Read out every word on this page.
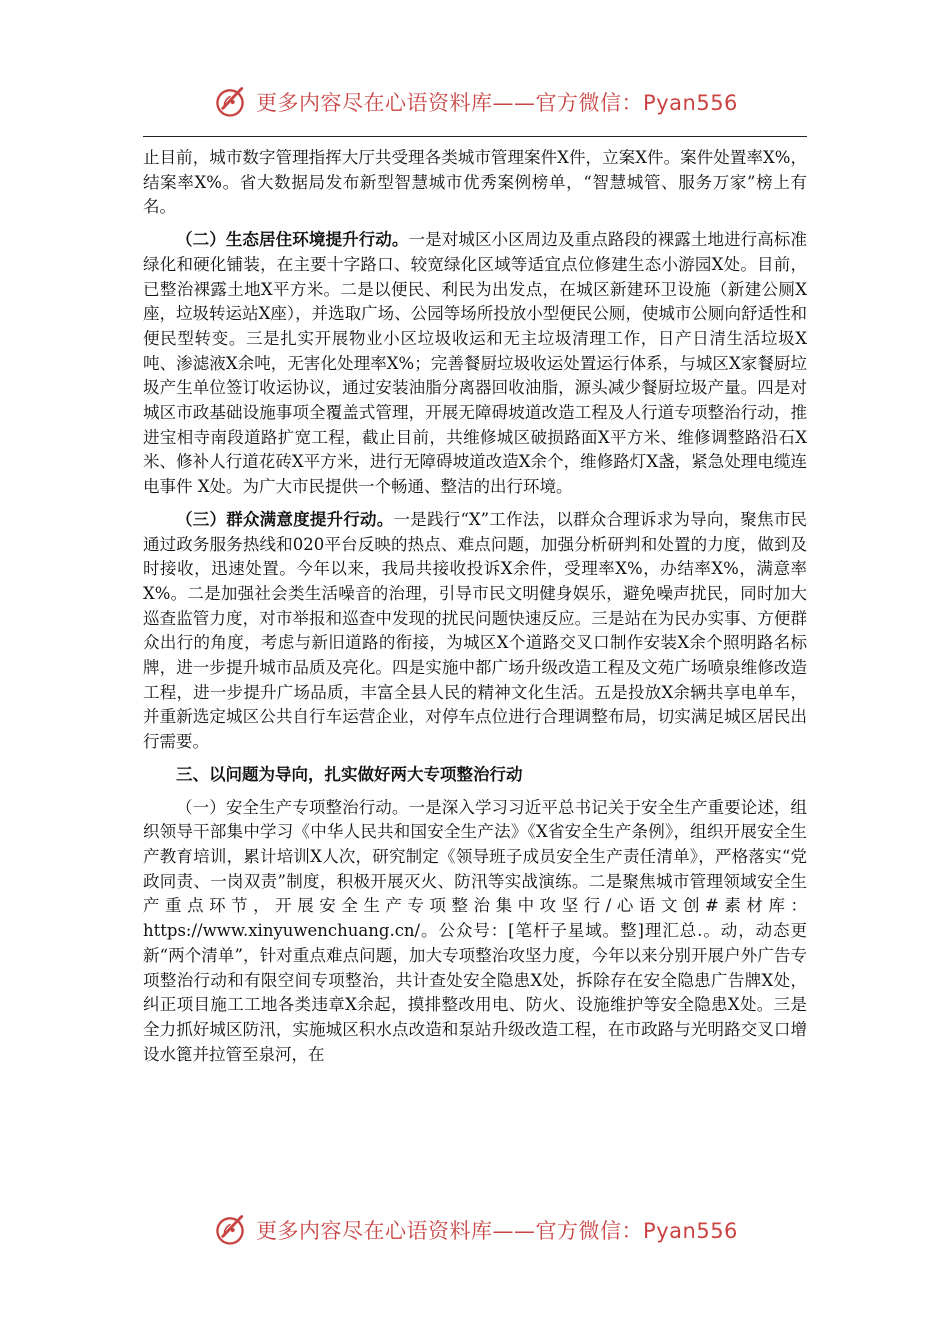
更多内容尽在心语资料库——官方微信：Pyan556

止目前，城市数字管理指挥大厅共受理各类城市管理案件X件，立案X件。案件处置率X%，结案率X%。省大数据局发布新型智慧城市优秀案例榜单，“智慧城管、服务万家”榜上有名。

（二）生态居住环境提升行动。一是对城区小区周边及重点路段的裸露土地进行高标准绿化和硬化铺装，在主要十字路口、较宽绿化区域等适宜点位修建生态小游园X处。目前，已整治裸露土地X平方米。二是以便民、利民为出发点，在城区新建环卫设施（新建公厕X座，垃圾转运站X座），并选取广场、公园等场所投放小型便民公厕，使城市公厕向舒适性和便民型转变。三是扎实开展物业小区垃圾收运和无主垃圾清理工作，日产日清生活垃圾X吨、渗滤液X余吨，无害化处理率X%；完善餐厨垃圾收运处置运行体系，与城区X家餐厨垃圾产生单位签订收运协议，通过安装油脂分离器回收油脂，源头减少餐厨垃圾产量。四是对城区市政基础设施事项全覆盖式管理，开展无障碍坡道改造工程及人行道专项整治行动，推进宝相寺南段道路扩宽工程，截止目前，共维修城区破损路面X平方米、维修调整路沿石X米、修补人行道花砖X平方米，进行无障碍坡道改造X余个，维修路灯X盏，紧急处理电缆连电事件 X处。为广大市民提供一个畅通、整洁的出行环境。

（三）群众满意度提升行动。一是践行“X”工作法，以群众合理诉求为导向，聚焦市民通过政务服务热线和020平台反映的热点、难点问题，加强分析研判和处置的力度，做到及时接收，迅速处置。今年以来，我局共接收投诉X余件，受理率X%，办结率X%，满意率X%。二是加强社会类生活噪音的治理，引导市民文明健身娱乐，避免噪声扰民，同时加大巡查监管力度，对市举报和巡查中发现的扰民问题快速反应。三是站在为民办实事、方便群众出行的角度，考虑与新旧道路的衔接，为城区X个道路交叉口制作安装X余个照明路名标牌，进一步提升城市品质及亮化。四是实施中都广场升级改造工程及文苑广场喷泉维修改造工程，进一步提升广场品质，丰富全县人民的精神文化生活。五是投放X余辆共享电单车，并重新选定城区公共自行车运营企业，对停车点位进行合理调整布局，切实满足城区居民出行需要。

三、以问题为导向，扎实做好两大专项整治行动

（一）安全生产专项整治行动。一是深入学习习近平总书记关于安全生产重要论述，组织领导干部集中学习《中华人民共和国安全生产法》《X省安全生产条例》，组织开展安全生产教育培训，累计培训X人次，研究制定《领导班子成员安全生产责任清单》，严格落实“党政同责、一岗双责”制度，积极开展灭火、防汛等实战演练。二是聚焦城市管理领域安全生产重点环节，开展安全生产专项整治集中攻坚行/心语文创#素材库：https://www.xinyuwenchuang.cn/。公众号：[笔杆子星域。整]理汇总.。动，动态更新“两个清单”，针对重点难点问题，加大专项整治攻坚力度，今年以来分别开展户外广告专项整治行动和有限空间专项整治，共计查处安全隐患X处，拆除存在安全隐患广告牌X处，纠正项目施工工地各类违章X余起，摸排整改用电、防火、设施维护等安全隐患X处。三是全力抓好城区防汛，实施城区积水点改造和泵站升级改造工程，在市政路与光明路交叉口增设水篦并拉管至泉河，在

更多内容尽在心语资料库——官方微信：Pyan556
